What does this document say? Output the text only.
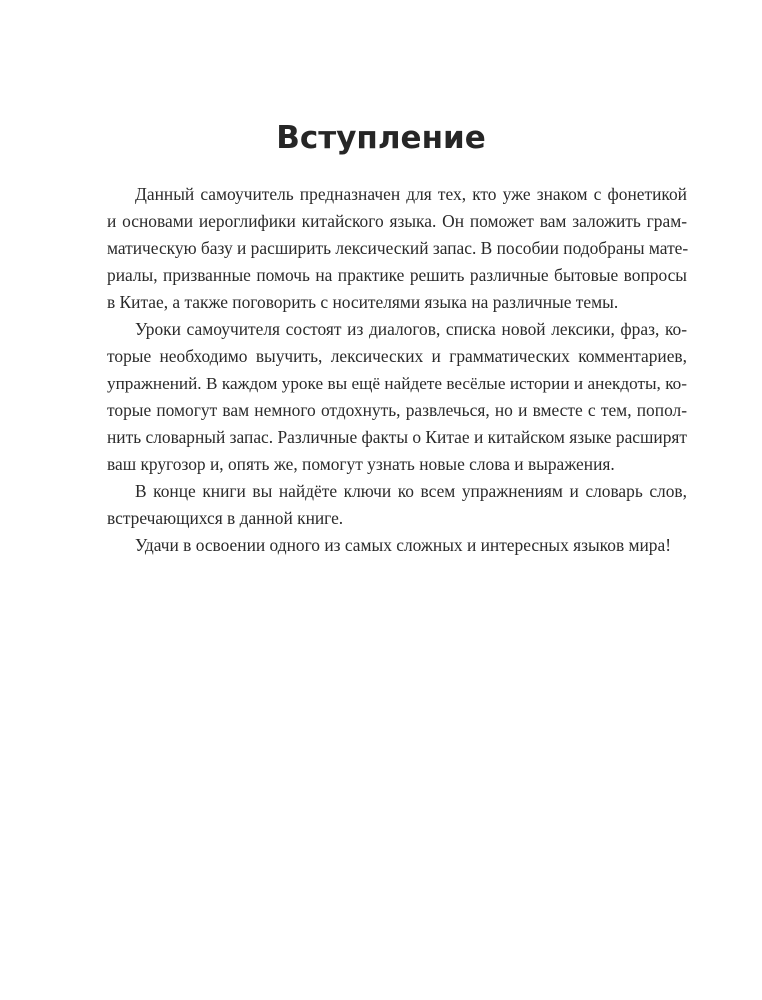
Вступление

Данный самоучитель предназначен для тех, кто уже знаком с фонетикой

и основами иероглифики китайского языка. Он поможет вам заложить грам-

матическую базу и расширить лексический запас. В пособии подобраны мате-

риалы, призванные помочь на практике решить различные бытовые вопросы

в Китае, а также поговорить с носителями языка на различные темы.

Уроки самоучителя состоят из диалогов, списка новой лексики, фраз, ко-

торые необходимо выучить, лексических и грамматических комментариев,

упражнений. В каждом уроке вы ещё найдете весёлые истории и анекдоты, ко-

торые помогут вам немного отдохнуть, развлечься, но и вместе с тем, попол-

нить словарный запас. Различные факты о Китае и китайском языке расширят

ваш кругозор и, опять же, помогут узнать новые слова и выражения.

В конце книги вы найдёте ключи ко всем упражнениям и словарь слов,

встречающихся в данной книге.

Удачи в освоении одного из самых сложных и интересных языков мира!
